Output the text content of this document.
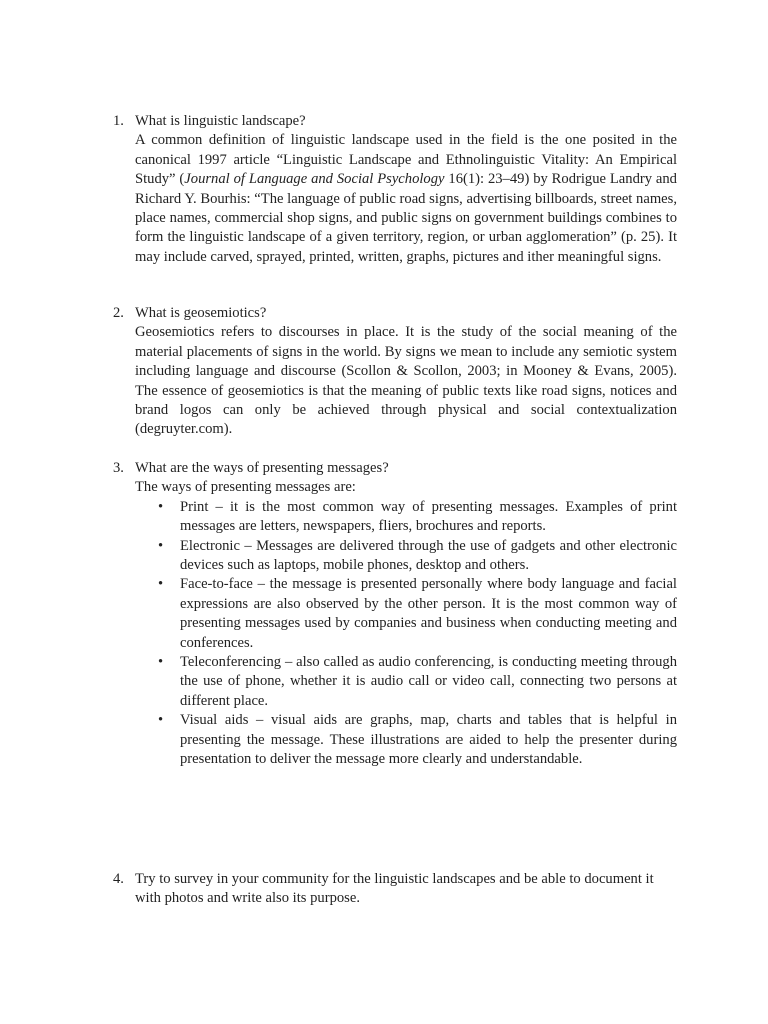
1. What is linguistic landscape?
A common definition of linguistic landscape used in the field is the one posited in the canonical 1997 article “Linguistic Landscape and Ethnolinguistic Vitality: An Empirical Study” (Journal of Language and Social Psychology 16(1): 23–49) by Rodrigue Landry and Richard Y. Bourhis: “The language of public road signs, advertising billboards, street names, place names, commercial shop signs, and public signs on government buildings combines to form the linguistic landscape of a given territory, region, or urban agglomeration” (p. 25). It may include carved, sprayed, printed, written, graphs, pictures and ither meaningful signs.
2. What is geosemiotics?
Geosemiotics refers to discourses in place. It is the study of the social meaning of the material placements of signs in the world. By signs we mean to include any semiotic system including language and discourse (Scollon & Scollon, 2003; in Mooney & Evans, 2005). The essence of geosemiotics is that the meaning of public texts like road signs, notices and brand logos can only be achieved through physical and social contextualization (degruyter.com).
3. What are the ways of presenting messages?
The ways of presenting messages are:
• Print – it is the most common way of presenting messages. Examples of print messages are letters, newspapers, fliers, brochures and reports.
• Electronic – Messages are delivered through the use of gadgets and other electronic devices such as laptops, mobile phones, desktop and others.
• Face-to-face – the message is presented personally where body language and facial expressions are also observed by the other person. It is the most common way of presenting messages used by companies and business when conducting meeting and conferences.
• Teleconferencing – also called as audio conferencing, is conducting meeting through the use of phone, whether it is audio call or video call, connecting two persons at different place.
• Visual aids – visual aids are graphs, map, charts and tables that is helpful in presenting the message. These illustrations are aided to help the presenter during presentation to deliver the message more clearly and understandable.
4. Try to survey in your community for the linguistic landscapes and be able to document it with photos and write also its purpose.
